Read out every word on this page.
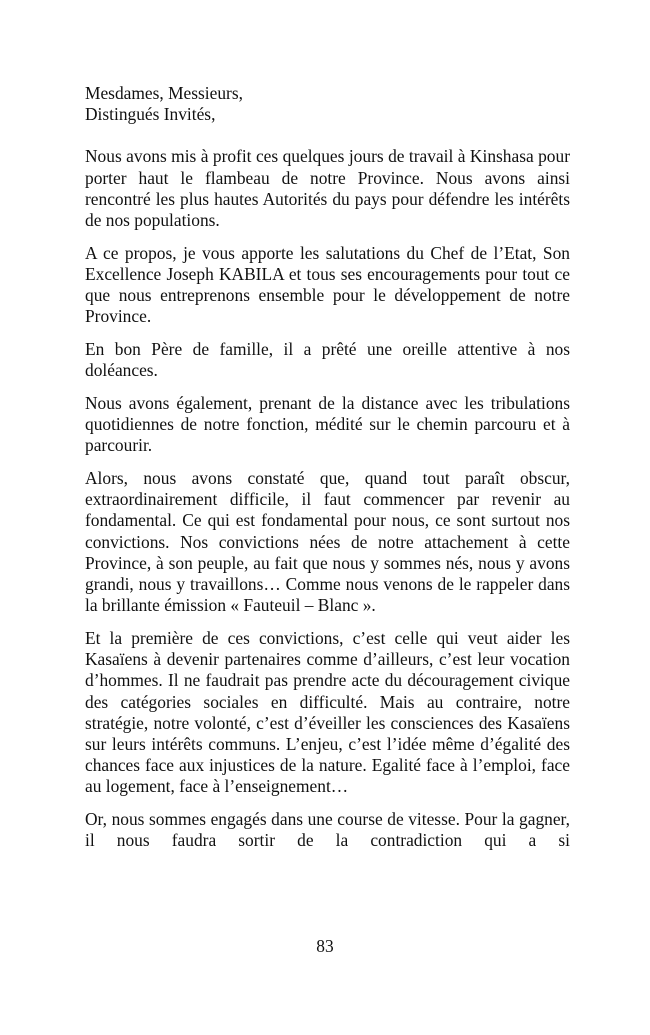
Mesdames, Messieurs,
Distingués Invités,

Nous avons mis à profit ces quelques jours de travail à Kinshasa pour porter haut le flambeau de notre Province. Nous avons ainsi rencontré les plus hautes Autorités du pays pour défendre les intérêts de nos populations.

A ce propos, je vous apporte les salutations du Chef de l’Etat, Son Excellence Joseph KABILA et tous ses encouragements pour tout ce que nous entreprenons ensemble pour le développement de notre Province.

En bon Père de famille, il a prêté une oreille attentive à nos doléances.

Nous avons également, prenant de la distance avec les tribulations quotidiennes de notre fonction, médité sur le chemin parcouru et à parcourir.

Alors, nous avons constaté que, quand tout paraît obscur, extraordinairement difficile, il faut commencer par revenir au fondamental. Ce qui est fondamental pour nous, ce sont surtout nos convictions. Nos convictions nées de notre attachement à cette Province, à son peuple, au fait que nous y sommes nés, nous y avons grandi, nous y travaillons… Comme nous venons de le rappeler dans la brillante émission « Fauteuil – Blanc ».

Et la première de ces convictions, c’est celle qui veut aider les Kasaïens à devenir partenaires comme d’ailleurs, c’est leur vocation d’hommes. Il ne faudrait pas prendre acte du découragement civique des catégories sociales en difficulté. Mais au contraire, notre stratégie, notre volonté, c’est d’éveiller les consciences des Kasaïens sur leurs intérêts communs. L’enjeu, c’est l’idée même d’égalité des chances face aux injustices de la nature. Egalité face à l’emploi, face au logement, face à l’enseignement…

Or, nous sommes engagés dans une course de vitesse. Pour la gagner, il nous faudra sortir de la contradiction qui a si

83
